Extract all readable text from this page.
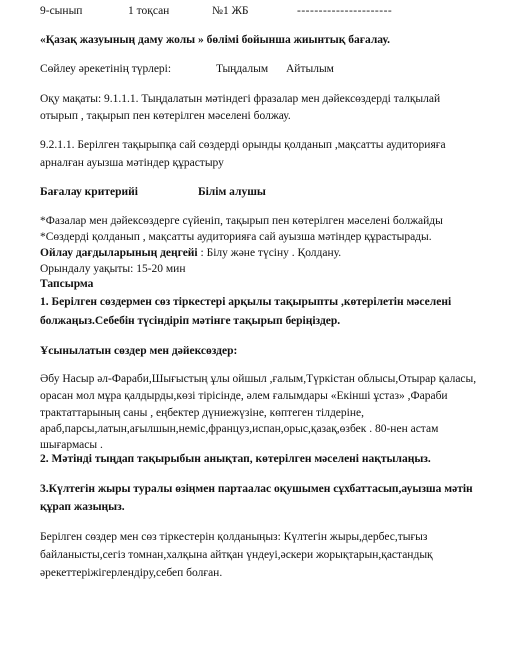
9-сынып	1 тоқсан	№1 ЖБ	----------------------
«Қазақ жазуының даму жолы » бөлімі бойынша жиынтық бағалау.
Сөйлеу әрекетінің түрлері:	Тыңдалым Айтылым
Оқу мақаты: 9.1.1.1. Тыңдалатын мәтіндегі фразалар мен дәйексөздерді талқылай
отырып , тақырып пен көтерілген мәселені болжау.
9.2.1.1. Берілген тақырыпқа сай сөздерді орынды қолданып ,мақсатты аудиторияға
арналған ауызша мәтіндер құрастыру
Бағалау критерийі	Білім алушы
*Фазалар мен дәйексөздерге сүйеніп, тақырып пен көтерілген мәселені болжайды
*Сөздерді қолданып , мақсатты аудиторияға сай ауызша мәтіндер құрастырады.
Ойлау дағдыларының деңгейі : Білу және түсіну . Қолдану.
Орындалу уақыты: 15-20 мин
Тапсырма
1. Берілген сөздермен сөз тіркестері арқылы тақырыпты ,көтерілетін мәселені
болжаңыз.Себебін түсіндіріп мәтінге тақырып беріңіздер.
Ұсынылатын сөздер мен дәйексөздер:
Әбу Насыр әл-Фараби,Шығыстың ұлы ойшыл ,ғалым,Түркістан облысы,Отырар қаласы,
орасан мол мұра қалдырды,көзі тірісінде, әлем ғалымдары «Екінші ұстаз» ,Фараби
трактаттарының саны , еңбектер дүниежүзіне, көптеген тілдеріне,
араб,парсы,латын,ағылшын,неміс,француз,испан,орыс,қазақ,өзбек . 80-нен астам
шығармасы .
2. Мәтінді тыңдап тақырыбын анықтап, көтерілген мәселені нақтылаңыз.
3.Күлтегін жыры туралы өзіңмен партаалас оқушымен сұхбаттасып,ауызша мәтін
құрап жазыңыз.
Берілген сөздер мен сөз тіркестерін қолданыңыз: Күлтегін жыры,дербес,тығыз
байланысты,сегіз томнан,халқына айтқан үндеуі,әскери жорықтарын,қастандық
әрекеттеріжігерлендіру,себеп болған.
